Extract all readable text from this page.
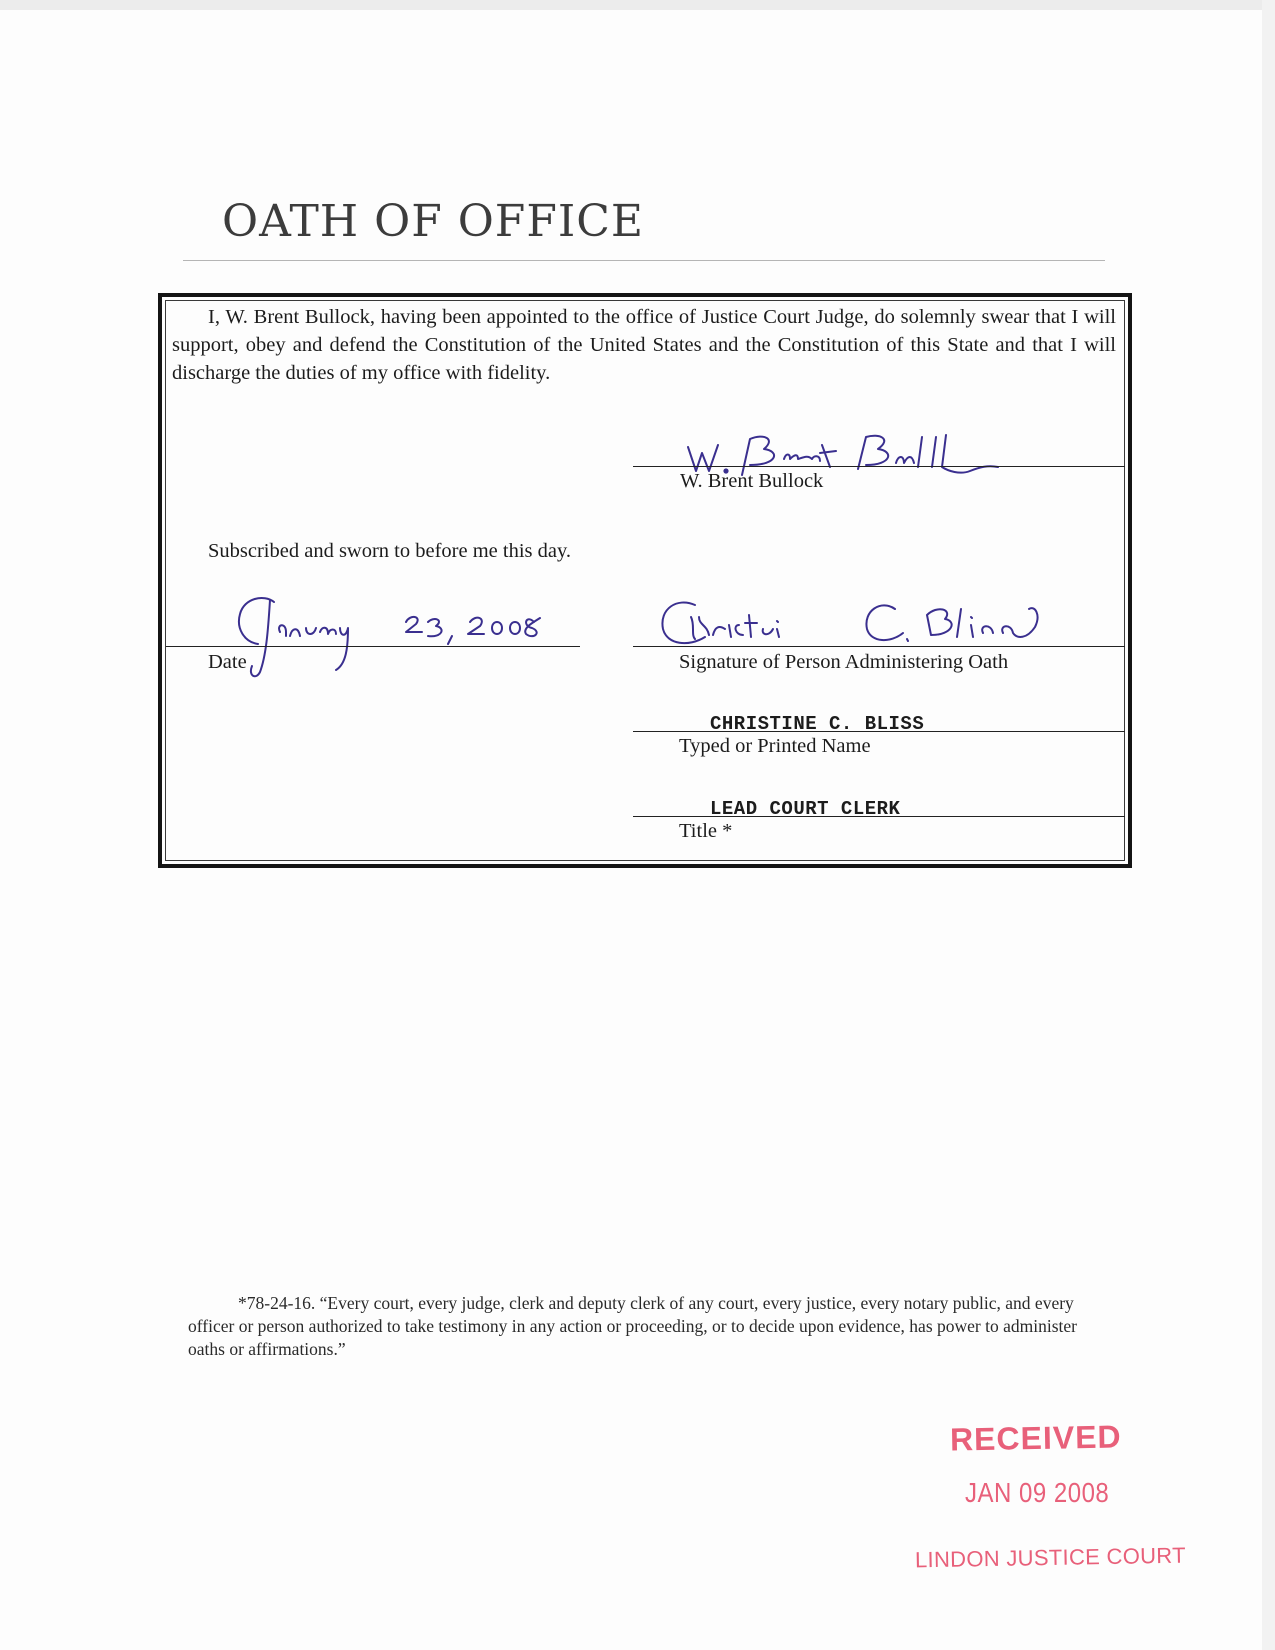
OATH OF OFFICE

I, W. Brent Bullock, having been appointed to the office of Justice Court Judge, do solemnly swear that I will support, obey and defend the Constitution of the United States and the Constitution of this State and that I will discharge the duties of my office with fidelity.

W. Brent Bullock
Subscribed and sworn to before me this day.
Date	Signature of Person Administering Oath
CHRISTINE C. BLISS
Typed or Printed Name
LEAD COURT CLERK
Title *

*78-24-16. “Every court, every judge, clerk and deputy clerk of any court, every justice, every notary public, and every officer or person authorized to take testimony in any action or proceeding, or to decide upon evidence, has power to administer oaths or affirmations.”

RECEIVED
JAN 09 2008
LINDON JUSTICE COURT
